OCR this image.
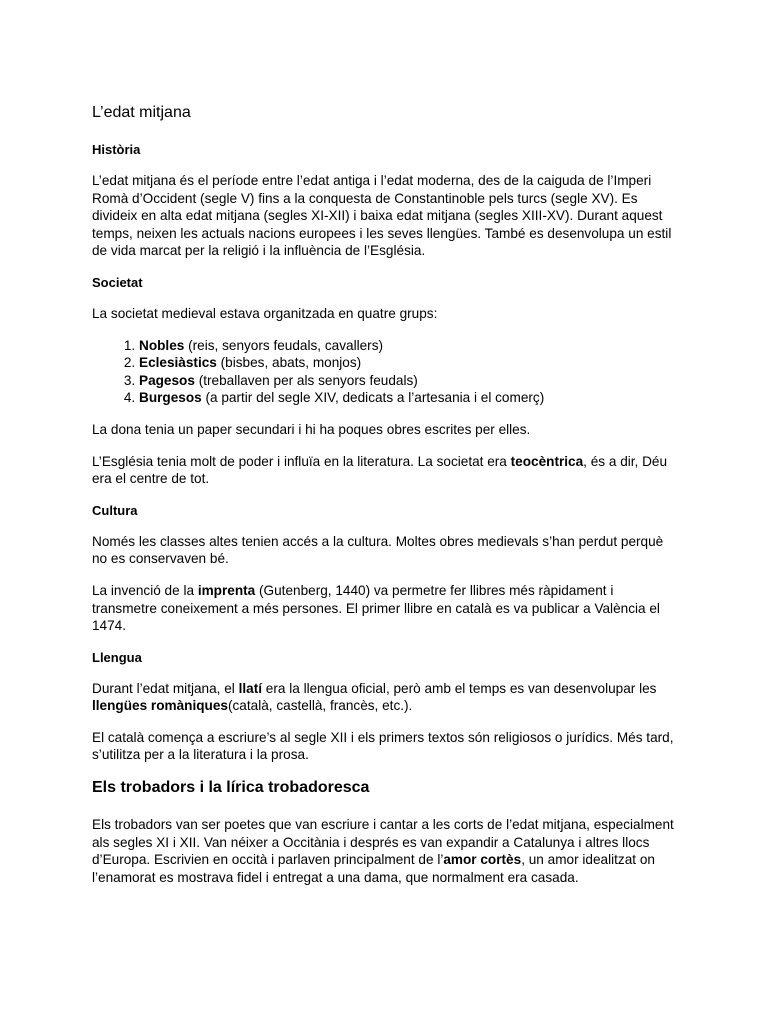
L’edat mitjana
Història

L’edat mitjana és el període entre l’edat antiga i l’edat moderna, des de la caiguda de l’Imperi Romà d’Occident (segle V) fins a la conquesta de Constantinoble pels turcs (segle XV). Es divideix en alta edat mitjana (segles XI-XII) i baixa edat mitjana (segles XIII-XV). Durant aquest temps, neixen les actuals nacions europees i les seves llengües. També es desenvolupa un estil de vida marcat per la religió i la influència de l’Església.

Societat

La societat medieval estava organitzada en quatre grups:

1. Nobles (reis, senyors feudals, cavallers)
2. Eclesiàstics (bisbes, abats, monjos)
3. Pagesos (treballaven per als senyors feudals)
4. Burgesos (a partir del segle XIV, dedicats a l’artesania i el comerç)

La dona tenia un paper secundari i hi ha poques obres escrites per elles.

L’Església tenia molt de poder i influïa en la literatura. La societat era teocèntrica, és a dir, Déu era el centre de tot.

Cultura

Només les classes altes tenien accés a la cultura. Moltes obres medievals s’han perdut perquè no es conservaven bé.

La invenció de la imprenta (Gutenberg, 1440) va permetre fer llibres més ràpidament i transmetre coneixement a més persones. El primer llibre en català es va publicar a València el 1474.

Llengua

Durant l’edat mitjana, el llatí era la llengua oficial, però amb el temps es van desenvolupar les llengües romàniques(català, castellà, francès, etc.).

El català comença a escriure’s al segle XII i els primers textos són religiosos o jurídics. Més tard, s’utilitza per a la literatura i la prosa.

Els trobadors i la lírica trobadoresca

Els trobadors van ser poetes que van escriure i cantar a les corts de l’edat mitjana, especialment als segles XI i XII. Van néixer a Occitània i després es van expandir a Catalunya i altres llocs d’Europa. Escrivien en occità i parlaven principalment de l’amor cortès, un amor idealitzat on l’enamorat es mostrava fidel i entregat a una dama, que normalment era casada.
